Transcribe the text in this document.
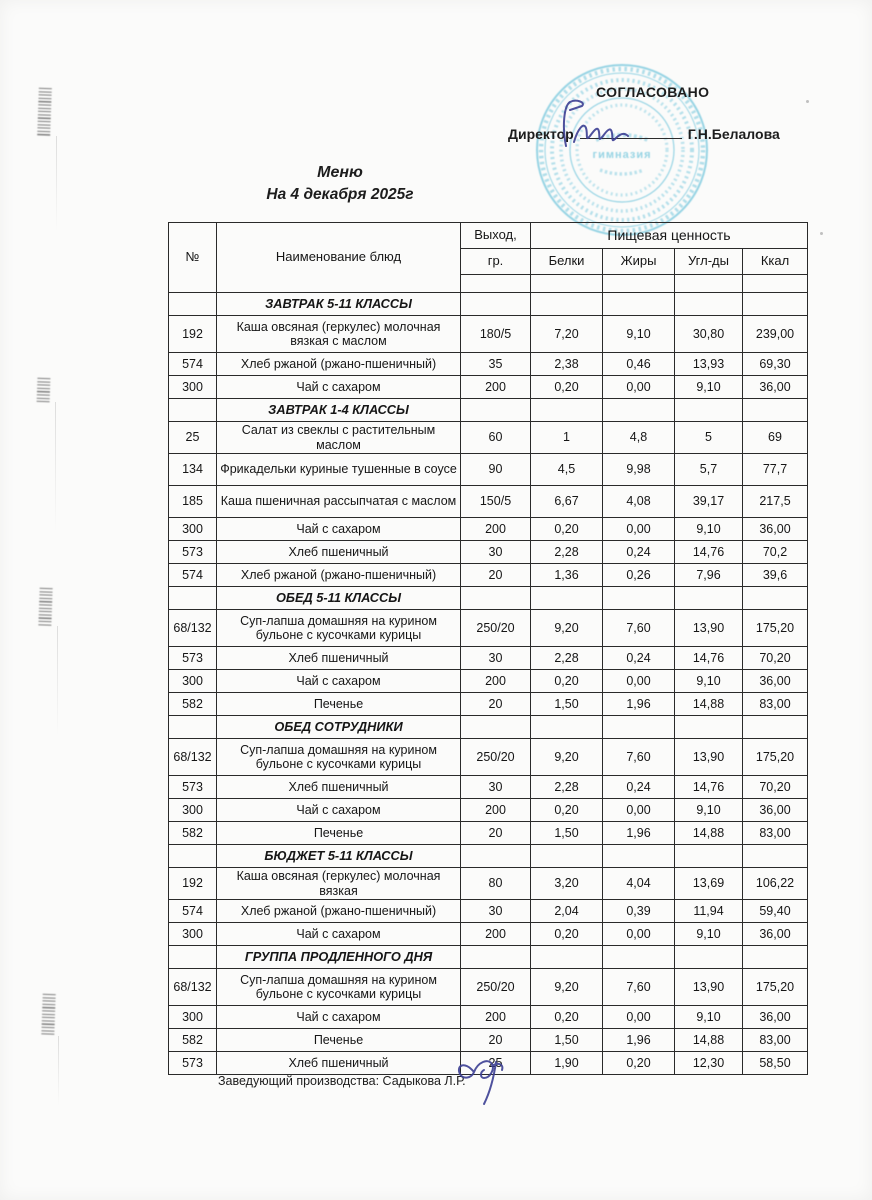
гимназия
СОГЛАСОВАНО
Директор	Г.Н.Белалова
Меню
На 4 декабря 2025г
№	Наименование блюд	Выход,	Пищевая ценность			
		гр.	Белки	Жиры	Угл-ды	Ккал

	ЗАВТРАК 5-11 КЛАССЫ					
192	Каша овсяная (геркулес) молочная вязкая с маслом	180/5	7,20	9,10	30,80	239,00
574	Хлеб ржаной (ржано-пшеничный)	35	2,38	0,46	13,93	69,30
300	Чай с сахаром	200	0,20	0,00	9,10	36,00
	ЗАВТРАК 1-4 КЛАССЫ					
25	Салат из свеклы с растительным маслом	60	1	4,8	5	69
134	Фрикадельки куриные тушенные в соусе	90	4,5	9,98	5,7	77,7
185	Каша пшеничная рассыпчатая с маслом	150/5	6,67	4,08	39,17	217,5
300	Чай с сахаром	200	0,20	0,00	9,10	36,00
573	Хлеб пшеничный	30	2,28	0,24	14,76	70,2
574	Хлеб ржаной (ржано-пшеничный)	20	1,36	0,26	7,96	39,6
	ОБЕД 5-11 КЛАССЫ					
68/132	Суп-лапша домашняя на курином бульоне с кусочками курицы	250/20	9,20	7,60	13,90	175,20
573	Хлеб пшеничный	30	2,28	0,24	14,76	70,20
300	Чай с сахаром	200	0,20	0,00	9,10	36,00
582	Печенье	20	1,50	1,96	14,88	83,00
	ОБЕД СОТРУДНИКИ					
68/132	Суп-лапша домашняя на курином бульоне с кусочками курицы	250/20	9,20	7,60	13,90	175,20
573	Хлеб пшеничный	30	2,28	0,24	14,76	70,20
300	Чай с сахаром	200	0,20	0,00	9,10	36,00
582	Печенье	20	1,50	1,96	14,88	83,00
	БЮДЖЕТ 5-11 КЛАССЫ					
192	Каша овсяная (геркулес) молочная вязкая	80	3,20	4,04	13,69	106,22
574	Хлеб ржаной (ржано-пшеничный)	30	2,04	0,39	11,94	59,40
300	Чай с сахаром	200	0,20	0,00	9,10	36,00
	ГРУППА ПРОДЛЕННОГО ДНЯ					
68/132	Суп-лапша домашняя на курином бульоне с кусочками курицы	250/20	9,20	7,60	13,90	175,20
300	Чай с сахаром	200	0,20	0,00	9,10	36,00
582	Печенье	20	1,50	1,96	14,88	83,00
573	Хлеб пшеничный	25	1,90	0,20	12,30	58,50
Заведующий производства: Садыкова Л.Р.
